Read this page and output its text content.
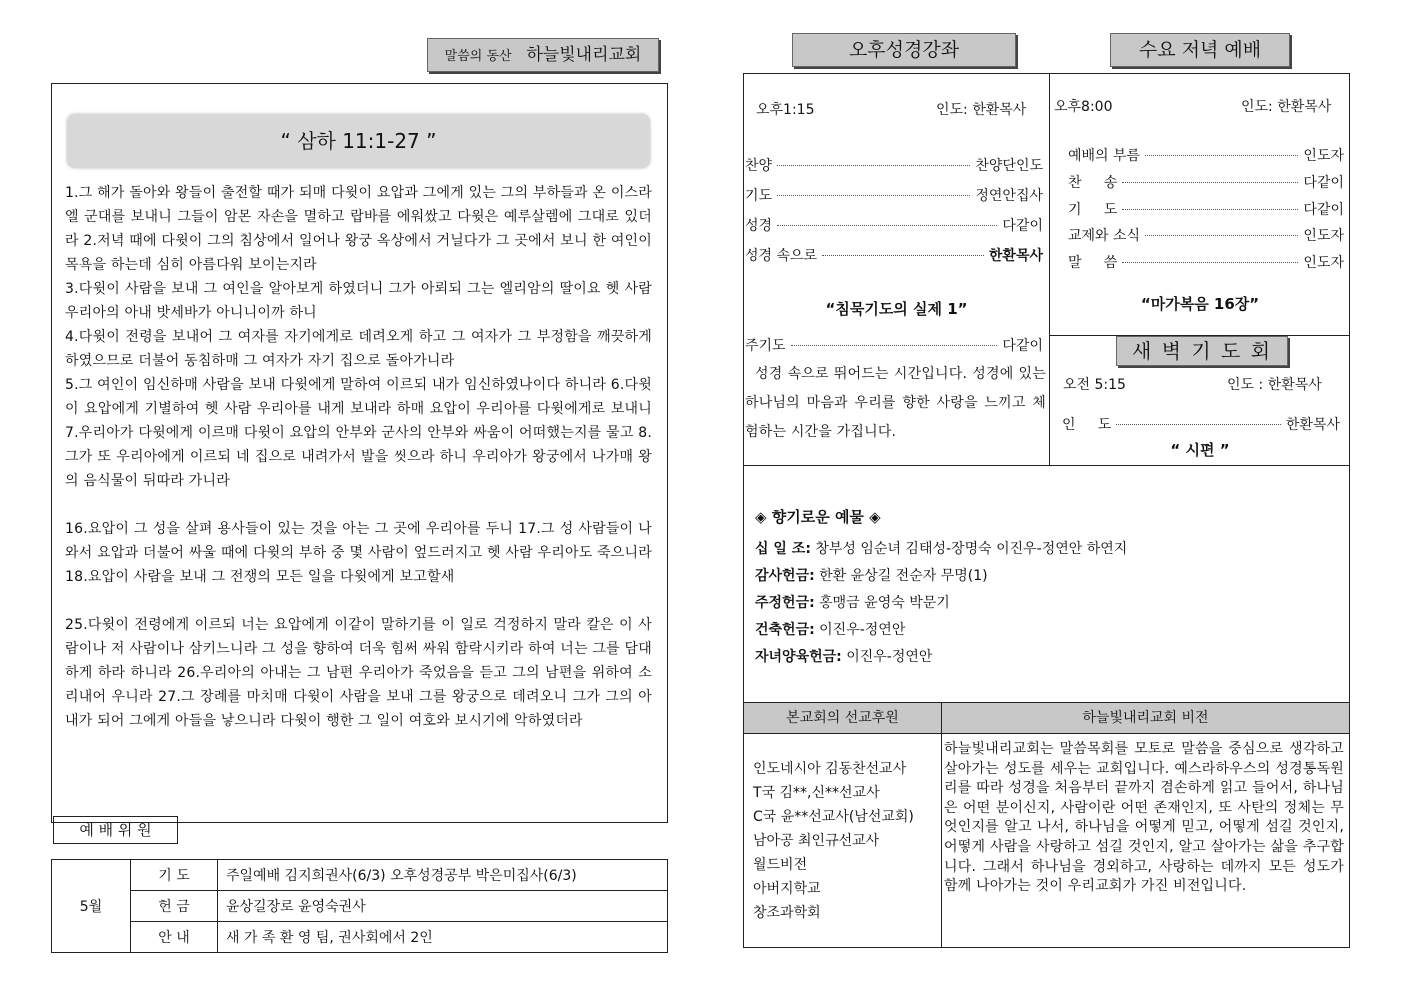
말씀의 동산 하늘빛내리교회
“ 삼하 11:1-27 ”
1.그 해가 돌아와 왕들이 출전할 때가 되매 다윗이 요압과 그에게 있는 그의 부하들과 온 이스라엘 군대를 보내니 그들이 암몬 자손을 멸하고 랍바를 에워쌌고 다윗은 예루살렘에 그대로 있더라 2.저녁 때에 다윗이 그의 침상에서 일어나 왕궁 옥상에서 거닐다가 그 곳에서 보니 한 여인이 목욕을 하는데 심히 아름다워 보이는지라
3.다윗이 사람을 보내 그 여인을 알아보게 하였더니 그가 아뢰되 그는 엘리암의 딸이요 헷 사람 우리아의 아내 밧세바가 아니니이까 하니
4.다윗이 전령을 보내어 그 여자를 자기에게로 데려오게 하고 그 여자가 그 부정함을 깨끗하게 하였으므로 더불어 동침하매 그 여자가 자기 집으로 돌아가니라
5.그 여인이 임신하매 사람을 보내 다윗에게 말하여 이르되 내가 임신하였나이다 하니라 6.다윗이 요압에게 기별하여 헷 사람 우리아를 내게 보내라 하매 요압이 우리아를 다윗에게로 보내니 7.우리아가 다윗에게 이르매 다윗이 요압의 안부와 군사의 안부와 싸움이 어떠했는지를 물고 8.그가 또 우리아에게 이르되 네 집으로 내려가서 발을 씻으라 하니 우리아가 왕궁에서 나가매 왕의 음식물이 뒤따라 가니라
16.요압이 그 성을 살펴 용사들이 있는 것을 아는 그 곳에 우리아를 두니 17.그 성 사람들이 나와서 요압과 더불어 싸울 때에 다윗의 부하 중 몇 사람이 엎드러지고 헷 사람 우리아도 죽으니라 18.요압이 사람을 보내 그 전쟁의 모든 일을 다윗에게 보고할새
25.다윗이 전령에게 이르되 너는 요압에게 이같이 말하기를 이 일로 걱정하지 말라 칼은 이 사람이나 저 사람이나 삼키느니라 그 성을 향하여 더욱 힘써 싸워 함락시키라 하여 너는 그를 담대하게 하라 하니라 26.우리아의 아내는 그 남편 우리아가 죽었음을 듣고 그의 남편을 위하여 소리내어 우니라 27.그 장례를 마치매 다윗이 사람을 보내 그를 왕궁으로 데려오니 그가 그의 아내가 되어 그에게 아들을 낳으니라 다윗이 행한 그 일이 여호와 보시기에 악하였더라
예 배 위 원
5월	기 도	주일예배 김지희권사(6/3) 오후성경공부 박은미집사(6/3)
	헌 금	윤상길장로 윤영숙권사
	안 내	새 가 족 환 영 팀, 권사회에서 2인
오후성경강좌	수요 저녁 예배
오후1:15	인도: 한환목사
찬양	찬양단인도
기도	정연안집사
성경	다같이
성경 속으로	한환목사
“침묵기도의 실제 1”
주기도	다같이
성경 속으로 뛰어드는 시간입니다. 성경에 있는 하나님의 마음과 우리를 향한 사랑을 느끼고 체험하는 시간을 가집니다.
오후8:00	인도: 한환목사
예배의 부름	인도자
찬     송	다같이
기     도	다같이
교제와 소식	인도자
말     씀	인도자
“마가복음 16장”
새 벽 기 도 회
오전 5:15	인도 : 한환목사
인     도	한환목사
“ 시편 ”
◈ 향기로운 예물 ◈
십 일 조: 창부성 임순녀 김태성-장명숙 이진우-정연안 하연지
감사헌금: 한환 윤상길 전순자 무명(1)
주정헌금: 홍맹금 윤영숙 박문기
건축헌금: 이진우-정연안
자녀양육헌금: 이진우-정연안
본교회의 선교후원	하늘빛내리교회 비전
인도네시아 김동찬선교사
T국 김**,신**선교사
C국 윤**선교사(남선교회)
남아공 최인규선교사
월드비전
아버지학교
창조과학회
하늘빛내리교회는 말씀목회를 모토로 말씀을 중심으로 생각하고 살아가는 성도를 세우는 교회입니다. 예스라하우스의 성경통독원리를 따라 성경을 처음부터 끝까지 겸손하게 읽고 들어서, 하나님은 어떤 분이신지, 사람이란 어떤 존재인지, 또 사탄의 정체는 무엇인지를 알고 나서, 하나님을 어떻게 믿고, 어떻게 섬길 것인지, 어떻게 사람을 사랑하고 섬길 것인지, 알고 살아가는 삶을 추구합니다. 그래서 하나님을 경외하고, 사랑하는 데까지 모든 성도가 함께 나아가는 것이 우리교회가 가진 비전입니다.
